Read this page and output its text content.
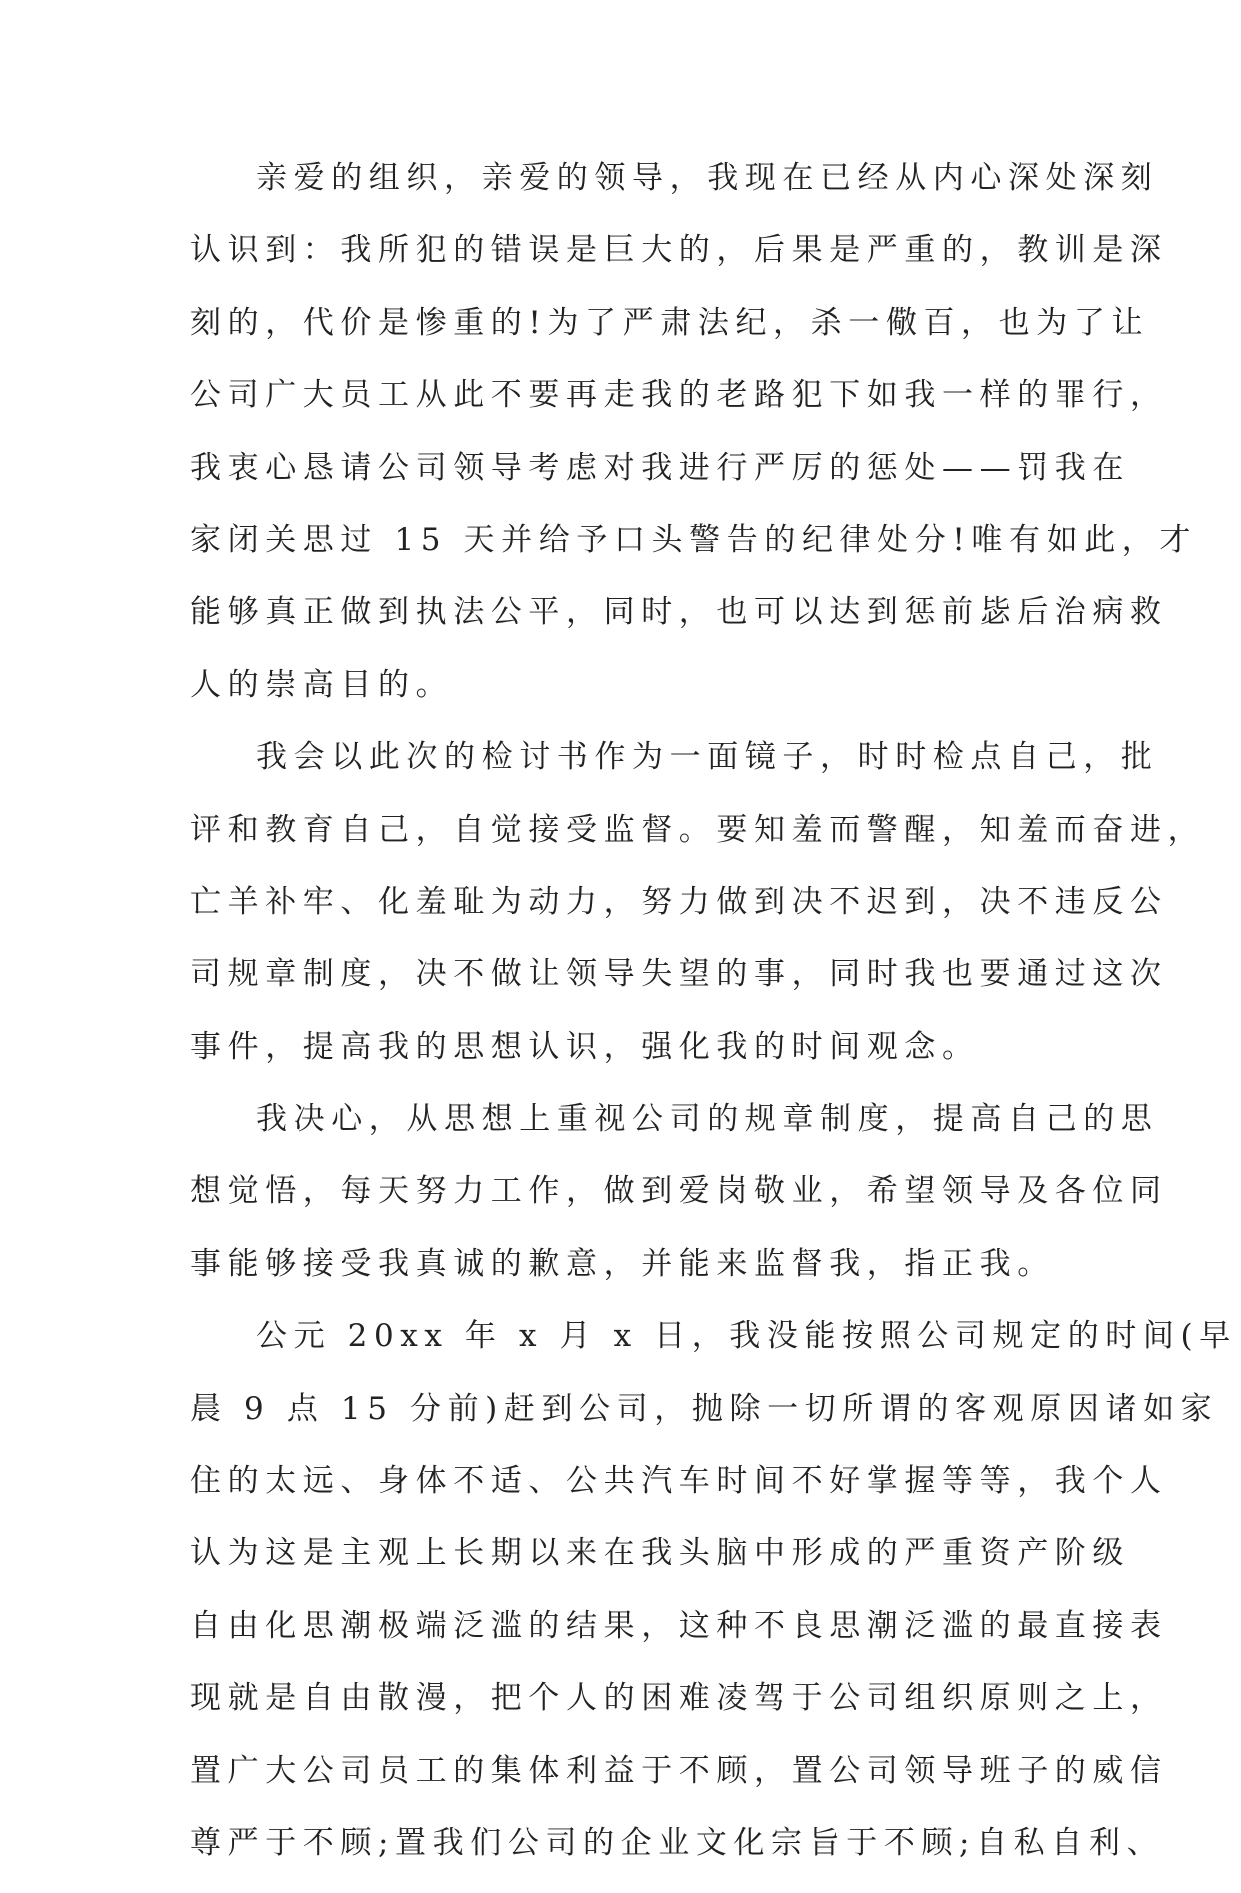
亲爱的组织，亲爱的领导，我现在已经从内心深处深刻
认识到：我所犯的错误是巨大的，后果是严重的，教训是深
刻的，代价是惨重的!为了严肃法纪，杀一儆百，也为了让
公司广大员工从此不要再走我的老路犯下如我一样的罪行，
我衷心恳请公司领导考虑对我进行严厉的惩处——罚我在
家闭关思过 15 天并给予口头警告的纪律处分!唯有如此，才
能够真正做到执法公平，同时，也可以达到惩前毖后治病救
人的崇高目的。
我会以此次的检讨书作为一面镜子，时时检点自己，批
评和教育自己，自觉接受监督。要知羞而警醒，知羞而奋进，
亡羊补牢、化羞耻为动力，努力做到决不迟到，决不违反公
司规章制度，决不做让领导失望的事，同时我也要通过这次
事件，提高我的思想认识，强化我的时间观念。
我决心，从思想上重视公司的规章制度，提高自己的思
想觉悟，每天努力工作，做到爱岗敬业，希望领导及各位同
事能够接受我真诚的歉意，并能来监督我，指正我。
公元 20xx 年 x 月 x 日，我没能按照公司规定的时间(早
晨 9 点 15 分前)赶到公司，抛除一切所谓的客观原因诸如家
住的太远、身体不适、公共汽车时间不好掌握等等，我个人
认为这是主观上长期以来在我头脑中形成的严重资产阶级
自由化思潮极端泛滥的结果，这种不良思潮泛滥的最直接表
现就是自由散漫，把个人的困难凌驾于公司组织原则之上，
置广大公司员工的集体利益于不顾，置公司领导班子的威信
尊严于不顾;置我们公司的企业文化宗旨于不顾;自私自利、
